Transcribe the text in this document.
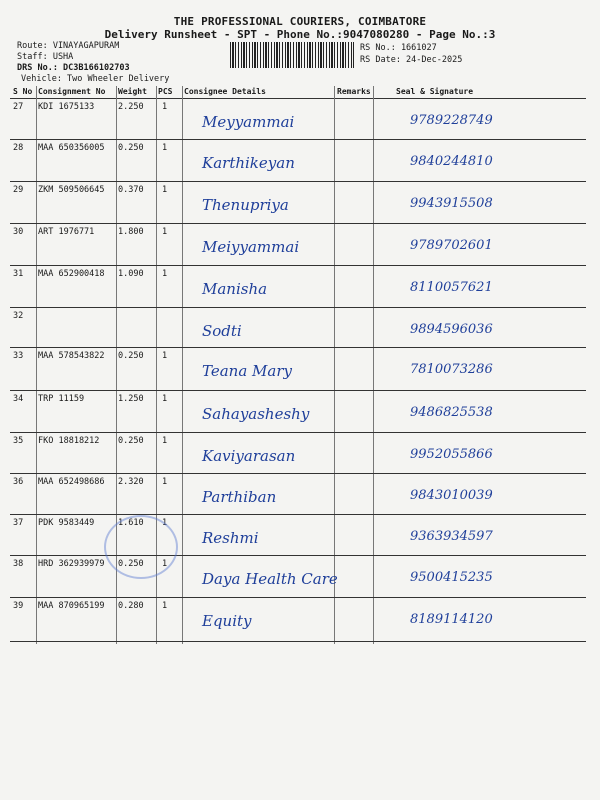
THE PROFESSIONAL COURIERS, COIMBATORE
Delivery Runsheet - SPT - Phone No.:9047080280 - Page No.:3
Route: VINAYAGAPURAM
Staff: USHA
DRS No.: DC3B166102703
Vehicle: Two Wheeler Delivery
RS No.: 1661027
RS Date: 24-Dec-2025
S No Consignment No Weight PCS Consignee Details	Remarks	Seal & Signature
27 KDI 1675133	2.250 1
Meyyammai	9789228749
28 MAA 650356005 0.250 1
Karthikeyan	9840244810
29 ZKM 509506645 0.370 1
Thenupriya	9943915508
30 ART 1976771	1.800 1
Meiyyammai	9789702601
31 MAA 652900418 1.090 1
Manisha	8110057621
32
Sodti	9894596036
33 MAA 578543822 0.250 1
Teana Mary	7810073286
34 TRP 11159	1.250 1
Sahayasheshy	9486825538
35 FKO 18818212 0.250 1
Kaviyarasan	9952055866
36 MAA 652498686 2.320 1
Parthiban	9843010039
37 PDK 9583449	1.610 1
Reshmi	9363934597
38 HRD 362939979 0.250 1
Daya Health Care	9500415235
39 MAA 870965199 0.280 1
Equity	8189114120
